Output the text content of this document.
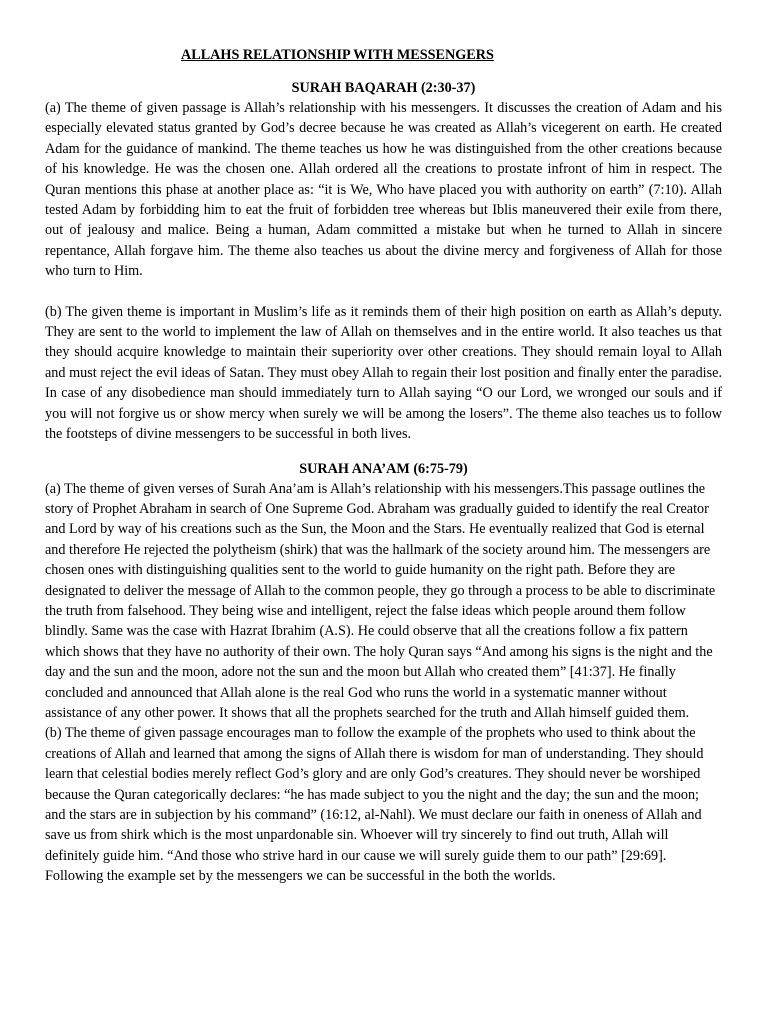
ALLAHS RELATIONSHIP WITH MESSENGERS
SURAH BAQARAH (2:30-37)

(a) The theme of given passage is Allah’s relationship with his messengers. It discusses the creation of Adam and his especially elevated status granted by God’s decree because he was created as Allah’s vicegerent on earth. He created Adam for the guidance of mankind. The theme teaches us how he was distinguished from the other creations because of his knowledge. He was the chosen one. Allah ordered all the creations to prostate infront of him in respect. The Quran mentions this phase at another place as: “it is We, Who have placed you with authority on earth” (7:10). Allah tested Adam by forbidding him to eat the fruit of forbidden tree whereas but Iblis maneuvered their exile from there, out of jealousy and malice. Being a human, Adam committed a mistake but when he turned to Allah in sincere repentance, Allah forgave him. The theme also teaches us about the divine mercy and forgiveness of Allah for those who turn to Him.

(b) The given theme is important in Muslim’s life as it reminds them of their high position on earth as Allah’s deputy. They are sent to the world to implement the law of Allah on themselves and in the entire world. It also teaches us that they should acquire knowledge to maintain their superiority over other creations. They should remain loyal to Allah and must reject the evil ideas of Satan. They must obey Allah to regain their lost position and finally enter the paradise. In case of any disobedience man should immediately turn to Allah saying “O our Lord, we wronged our souls and if you will not forgive us or show mercy when surely we will be among the losers”. The theme also teaches us to follow the footsteps of divine messengers to be successful in both lives.

SURAH ANA’AM (6:75-79)

(a) The theme of given verses of Surah Ana’am is Allah’s relationship with his messengers.This passage outlines the story of Prophet Abraham in search of One Supreme God. Abraham was gradually guided to identify the real Creator and Lord by way of his creations such as the Sun, the Moon and the Stars. He eventually realized that God is eternal and therefore He rejected the polytheism (shirk) that was the hallmark of the society around him. The messengers are chosen ones with distinguishing qualities sent to the world to guide humanity on the right path. Before they are designated to deliver the message of Allah to the common people, they go through a process to be able to discriminate the truth from falsehood. They being wise and intelligent, reject the false ideas which people around them follow blindly. Same was the case with Hazrat Ibrahim (A.S). He could observe that all the creations follow a fix pattern which shows that they have no authority of their own. The holy Quran says “And among his signs is the night and the day and the sun and the moon, adore not the sun and the moon but Allah who created them” [41:37]. He finally concluded and announced that Allah alone is the real God who runs the world in a systematic manner without assistance of any other power. It shows that all the prophets searched for the truth and Allah himself guided them.

(b) The theme of given passage encourages man to follow the example of the prophets who used to think about the creations of Allah and learned that among the signs of Allah there is wisdom for man of understanding. They should learn that celestial bodies merely reflect God’s glory and are only God’s creatures. They should never be worshiped because the Quran categorically declares: “he has made subject to you the night and the day; the sun and the moon; and the stars are in subjection by his command” (16:12, al-Nahl). We must declare our faith in oneness of Allah and save us from shirk which is the most unpardonable sin. Whoever will try sincerely to find out truth, Allah will definitely guide him. “And those who strive hard in our cause we will surely guide them to our path” [29:69]. Following the example set by the messengers we can be successful in the both the worlds.
